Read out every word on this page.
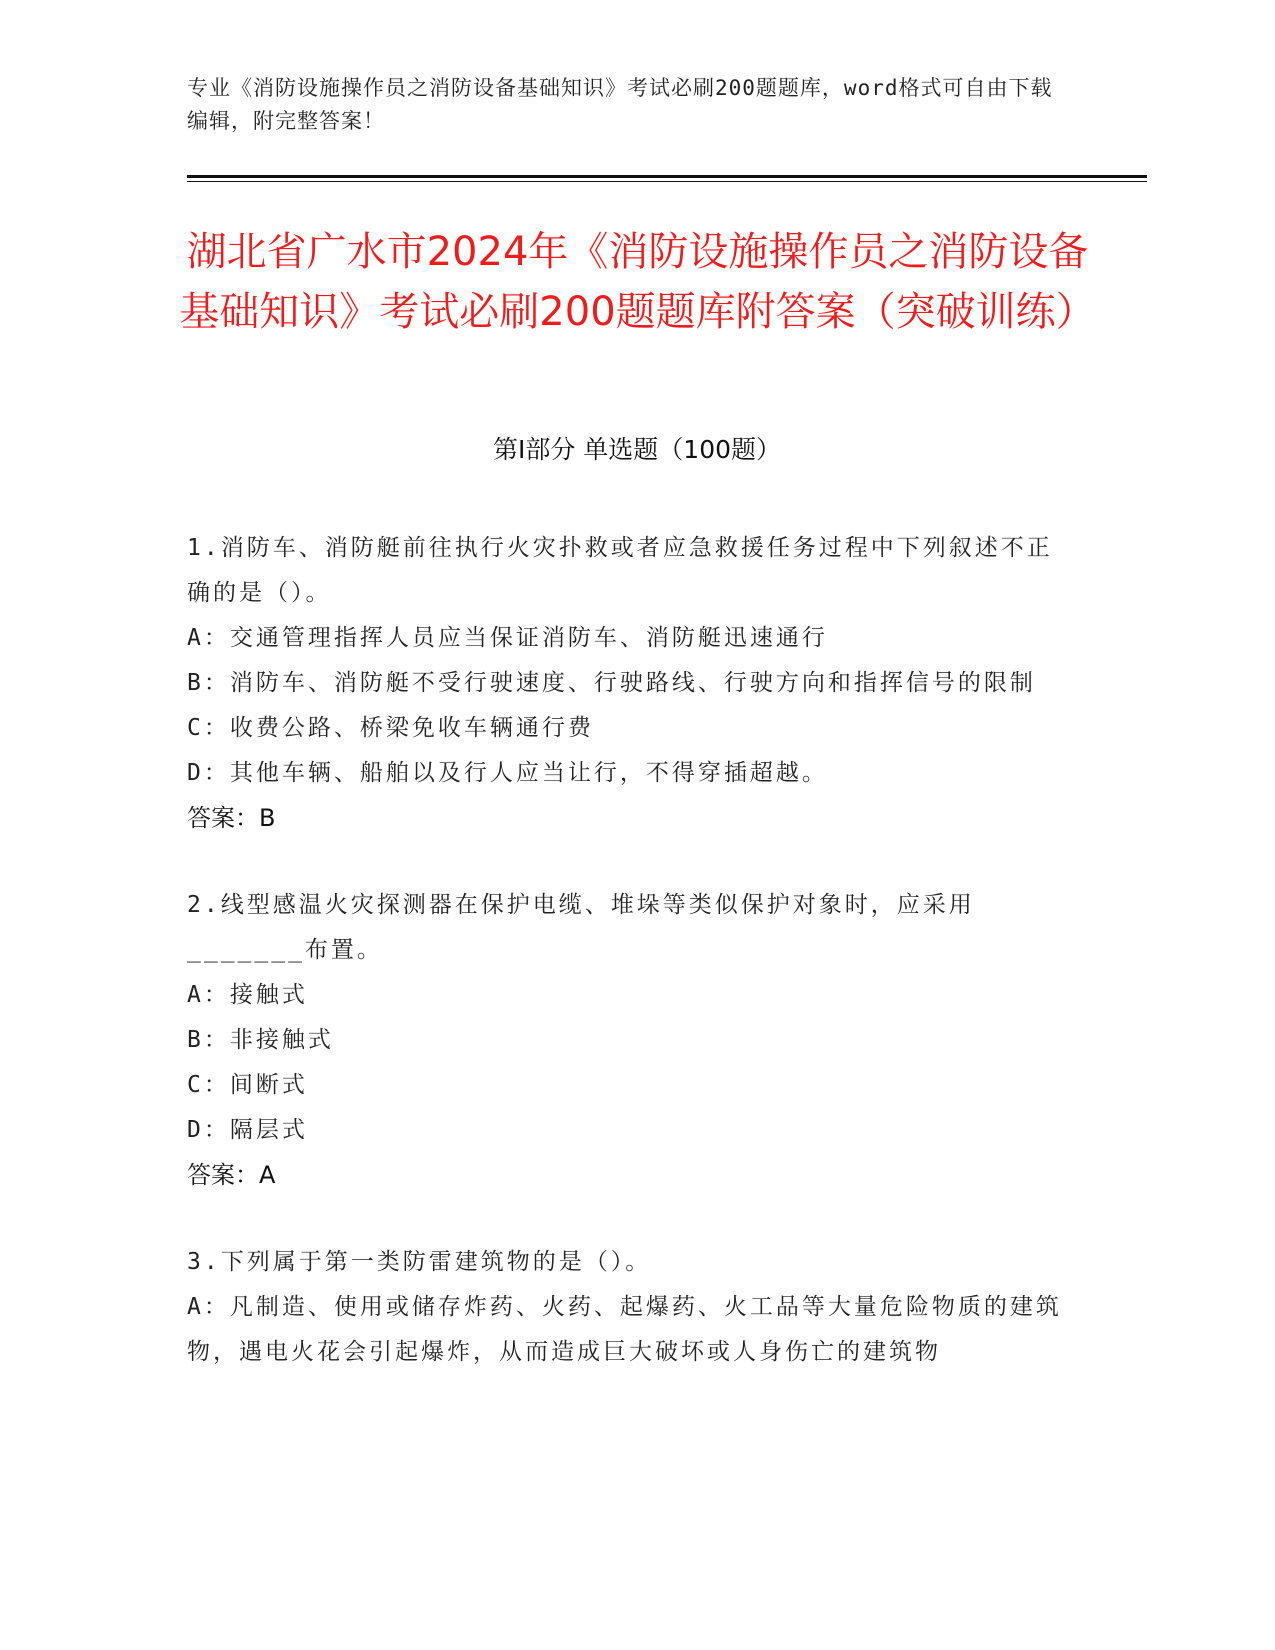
专业《消防设施操作员之消防设备基础知识》考试必刷200题题库，word格式可自由下载编辑，附完整答案！
湖北省广水市2024年《消防设施操作员之消防设备基础知识》考试必刷200题题库附答案（突破训练）
第Ⅰ部分 单选题（100题）

1.消防车、消防艇前往执行火灾扑救或者应急救援任务过程中下列叙述不正确的是（）。

A：交通管理指挥人员应当保证消防车、消防艇迅速通行

B：消防车、消防艇不受行驶速度、行驶路线、行驶方向和指挥信号的限制

C：收费公路、桥梁免收车辆通行费

D：其他车辆、船舶以及行人应当让行，不得穿插超越。

答案：B

2.线型感温火灾探测器在保护电缆、堆垛等类似保护对象时，应采用_______布置。

A：接触式

B：非接触式

C：间断式

D：隔层式

答案：A

3.下列属于第一类防雷建筑物的是（）。

A：凡制造、使用或储存炸药、火药、起爆药、火工品等大量危险物质的建筑物，遇电火花会引起爆炸，从而造成巨大破坏或人身伤亡的建筑物
